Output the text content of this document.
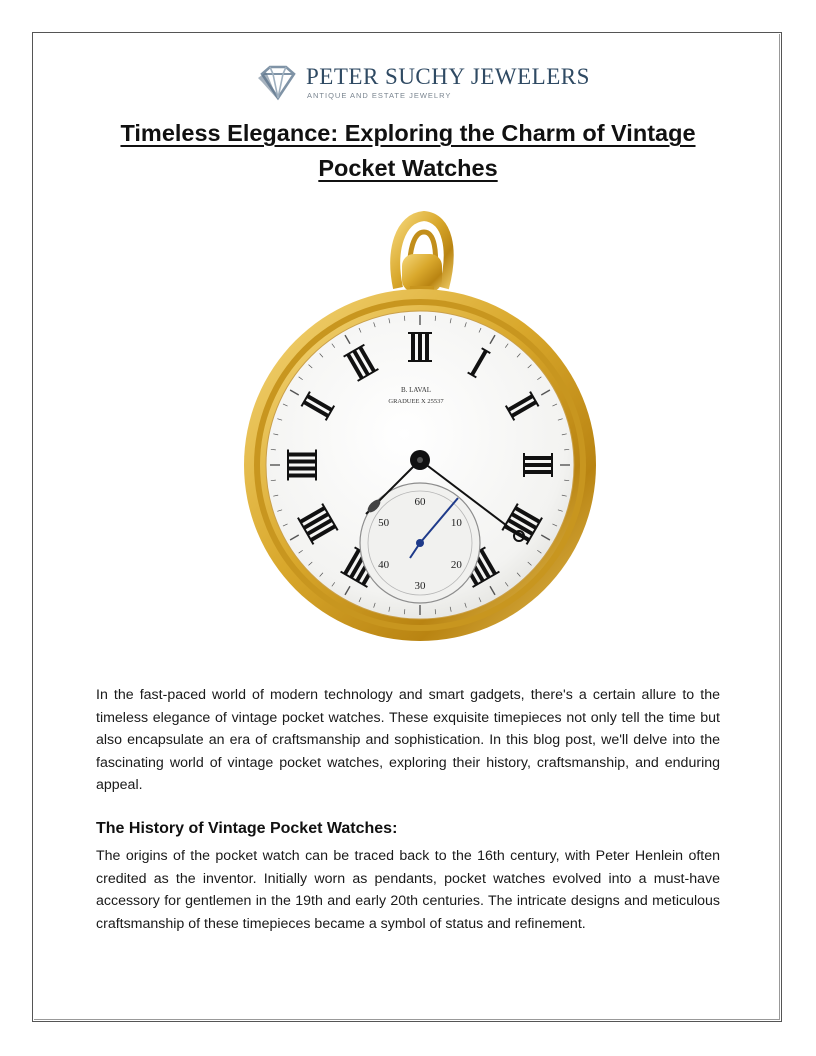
PETER SUCHY JEWELERS
ANTIQUE AND ESTATE JEWELRY
Timeless Elegance: Exploring the Charm of Vintage Pocket Watches
B. LAVAL
GRADUEE X 25537
60
10
20
30
40
50

In the fast-paced world of modern technology and smart gadgets, there's a certain allure to the timeless elegance of vintage pocket watches. These exquisite timepieces not only tell the time but also encapsulate an era of craftsmanship and sophistication. In this blog post, we'll delve into the fascinating world of vintage pocket watches, exploring their history, craftsmanship, and enduring appeal.

The History of Vintage Pocket Watches:

The origins of the pocket watch can be traced back to the 16th century, with Peter Henlein often credited as the inventor. Initially worn as pendants, pocket watches evolved into a must-have accessory for gentlemen in the 19th and early 20th centuries. The intricate designs and meticulous craftsmanship of these timepieces became a symbol of status and refinement.
